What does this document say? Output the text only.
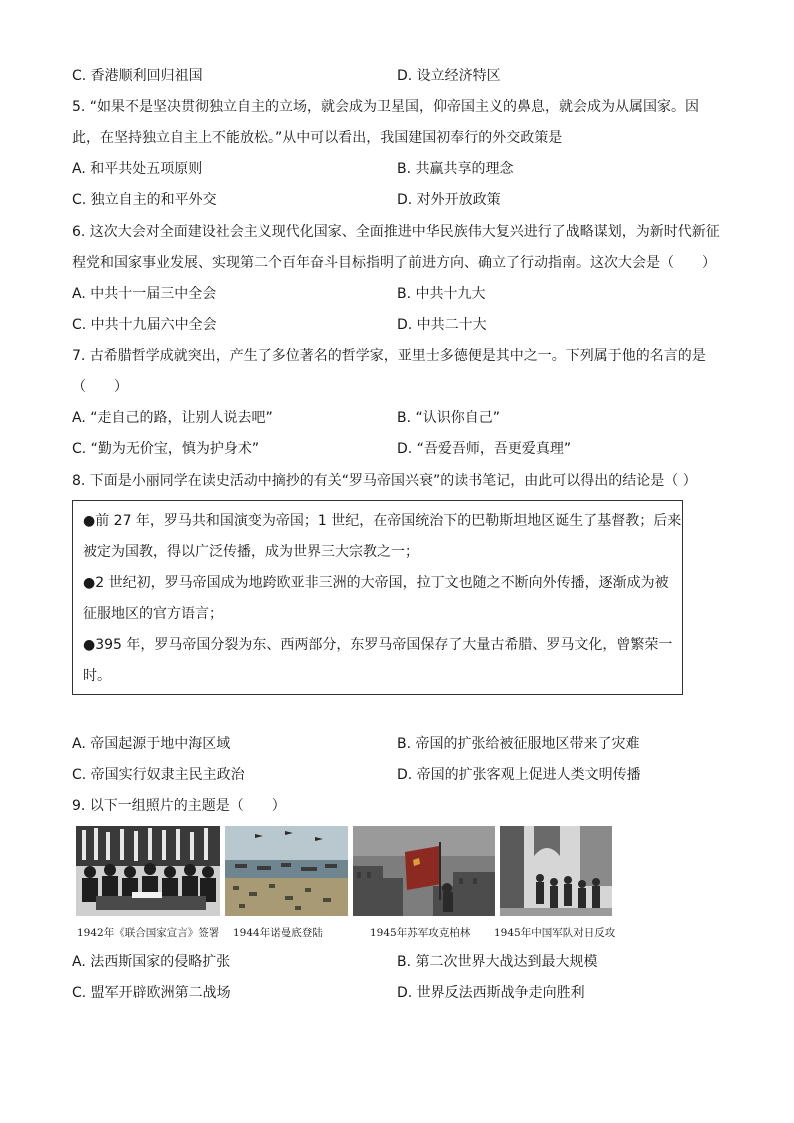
C. 香港顺利回归祖国	D. 设立经济特区
5. “如果不是坚决贯彻独立自主的立场，就会成为卫星国，仰帝国主义的鼻息，就会成为从属国家。因
此，在坚持独立自主上不能放松。”从中可以看出，我国建国初奉行的外交政策是
A. 和平共处五项原则	B. 共赢共享的理念
C. 独立自主的和平外交	D. 对外开放政策
6. 这次大会对全面建设社会主义现代化国家、全面推进中华民族伟大复兴进行了战略谋划，为新时代新征
程党和国家事业发展、实现第二个百年奋斗目标指明了前进方向、确立了行动指南。这次大会是（　　）
A. 中共十一届三中全会	B. 中共十九大
C. 中共十九届六中全会	D. 中共二十大
7. 古希腊哲学成就突出，产生了多位著名的哲学家，亚里士多德便是其中之一。下列属于他的名言的是
（　　）
A. “走自己的路，让别人说去吧”	B. “认识你自己”
C. “勤为无价宝，慎为护身术”	D. “吾爱吾师，吾更爱真理”
8. 下面是小丽同学在读史活动中摘抄的有关“罗马帝国兴衰”的读书笔记，由此可以得出的结论是（ ）
●前 27 年，罗马共和国演变为帝国；1 世纪，在帝国统治下的巴勒斯坦地区诞生了基督教；后来
被定为国教，得以广泛传播，成为世界三大宗教之一；
●2 世纪初，罗马帝国成为地跨欧亚非三洲的大帝国，拉丁文也随之不断向外传播，逐渐成为被
征服地区的官方语言；
●395 年，罗马帝国分裂为东、西两部分，东罗马帝国保存了大量古希腊、罗马文化，曾繁荣一
时。
A. 帝国起源于地中海区域	B. 帝国的扩张给被征服地区带来了灾难
C. 帝国实行奴隶主民主政治	D. 帝国的扩张客观上促进人类文明传播
9. 以下一组照片的主题是（　　）
1942年《联合国家宣言》签署 1944年诺曼底登陆	1945年苏军攻克柏林 1945年中国军队对日反攻
A. 法西斯国家的侵略扩张	B. 第二次世界大战达到最大规模
C. 盟军开辟欧洲第二战场	D. 世界反法西斯战争走向胜利
